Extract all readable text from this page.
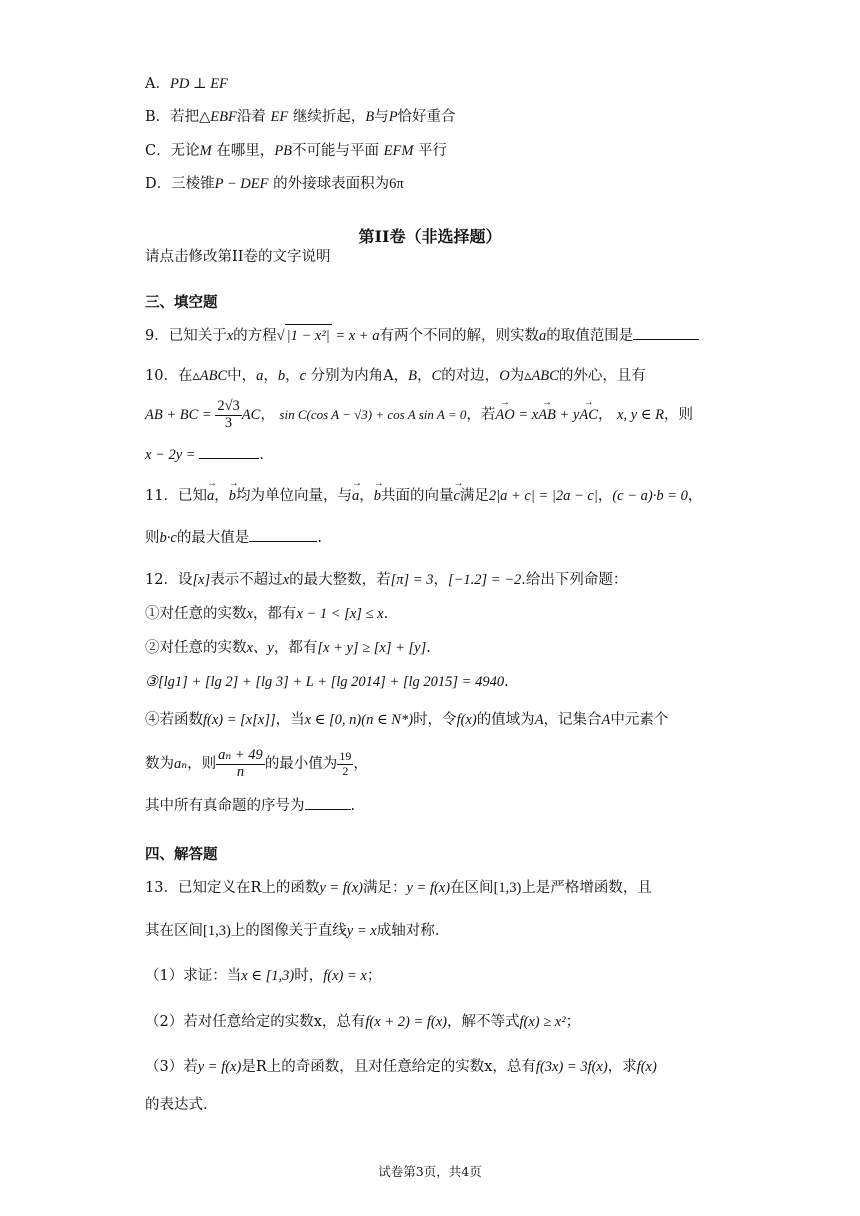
A．PD ⊥ EF
B．若把△EBF沿着 EF 继续折起，B与P恰好重合
C．无论M 在哪里，PB不可能与平面 EFM 平行
D．三棱锥P − DEF 的外接球表面积为6π
第II卷（非选择题）
请点击修改第II卷的文字说明
三、填空题
9．已知关于x的方程√ |1 − x²| = x + a有两个不同的解，则实数a的取值范围是
10．在▵ABC中，a，b，c 分别为内角A，B，C的对边，O为▵ABC的外心，且有
AB + BC = $\frac{2√3}{3}$ AC， sin C(cos A − √3) + cos A sin A = 0，若→ AO = x→ AB + y→ AC， x, y ∈ R，则
x − 2y =	.
11．已知→ a，→ b均为单位向量，与→ a，→ b共面的向量→ c满足2|a + c| = |2a − c|，(c − a)·b = 0，
则b·c的最大值是	.
12．设[x]表示不超过x的最大整数，若[π] = 3，[−1.2] = −2.给出下列命题：
①对任意的实数x，都有x − 1 < [x] ≤ x.
②对任意的实数x、y，都有[x + y] ≥ [x] + [y].
③[lg1] + [lg 2] + [lg 3] + L + [lg 2014] + [lg 2015] = 4940.
④若函数f(x) = [x[x]]，当x ∈ [0, n)(n ∈ N*)时，令f(x)的值域为A，记集合A中元素个
数为aₙ，则 $\frac{\text{aₙ + 49}}{n}$ 的最小值为 $\frac{19}{2}$ ，
其中所有真命题的序号为	.
四、解答题
13．已知定义在R上的函数y = f(x)满足：y = f(x)在区间[1,3)上是严格增函数，且
其在区间[1,3)上的图像关于直线y = x成轴对称.
（1）求证：当x ∈ [1,3)时，f(x) = x；
（2）若对任意给定的实数x，总有f(x + 2) = f(x)，解不等式f(x) ≥ x²；
（3）若y = f(x)是R上的奇函数，且对任意给定的实数x，总有f(3x) = 3f(x)，求f(x)
的表达式.
试卷第3页，共4页
